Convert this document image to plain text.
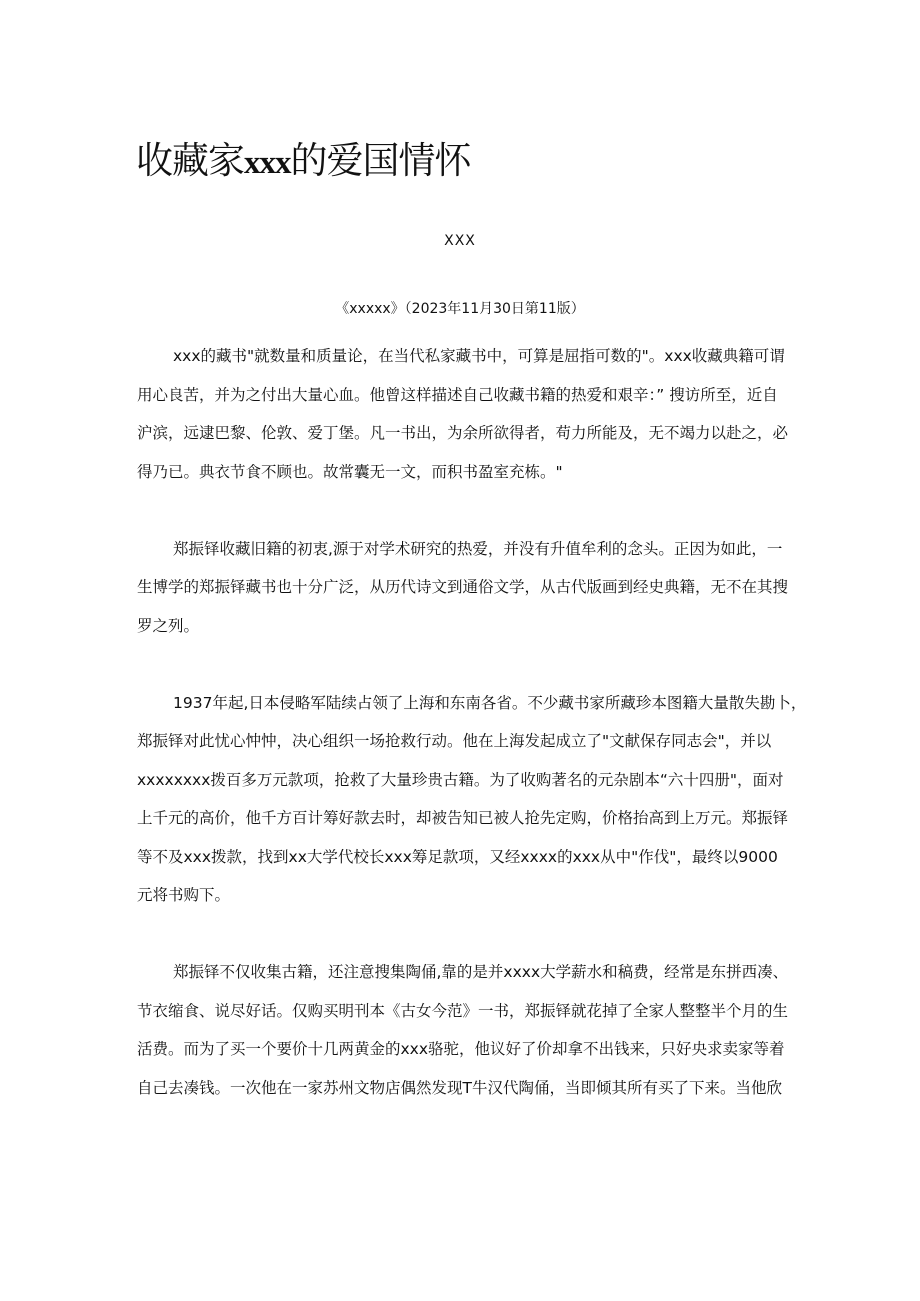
收藏家xxx的爱国情怀
XXX
《xxxxx》（2023年11月30日第11版）

xxx的藏书"就数量和质量论，在当代私家藏书中，可算是屈指可数的"。xxx收藏典籍可谓
用心良苦，并为之付出大量心血。他曾这样描述自己收藏书籍的热爱和艰辛：” 搜访所至，近自
沪滨，远逮巴黎、伦敦、爱丁堡。凡一书出，为余所欲得者，苟力所能及，无不竭力以赴之，必
得乃已。典衣节食不顾也。故常囊无一文，而积书盈室充栋。"

郑振铎收藏旧籍的初衷,源于对学术研究的热爱，并没有升值牟利的念头。正因为如此，一
生博学的郑振铎藏书也十分广泛，从历代诗文到通俗文学，从古代版画到经史典籍，无不在其搜
罗之列。

1937年起,日本侵略军陆续占领了上海和东南各省。不少藏书家所藏珍本图籍大量散失勘卜，
郑振铎对此忧心忡忡，决心组织一场抢救行动。他在上海发起成立了"文献保存同志会"，并以
xxxxxxxx拨百多万元款项，抢救了大量珍贵古籍。为了收购著名的元杂剧本“六十四册"，面对
上千元的高价，他千方百计筹好款去时，却被告知已被人抢先定购，价格抬高到上万元。郑振铎
等不及xxx拨款，找到xx大学代校长xxx筹足款项，又经xxxx的xxx从中"作伐"，最终以9000
元将书购下。

郑振铎不仅收集古籍，还注意搜集陶俑,靠的是并xxxx大学薪水和稿费，经常是东拼西凑、
节衣缩食、说尽好话。仅购买明刊本《古女今范》一书，郑振铎就花掉了全家人整整半个月的生
活费。而为了买一个要价十几两黄金的xxx骆驼，他议好了价却拿不出钱来，只好央求卖家等着
自己去凑钱。一次他在一家苏州文物店偶然发现T牛汉代陶俑，当即倾其所有买了下来。当他欣
